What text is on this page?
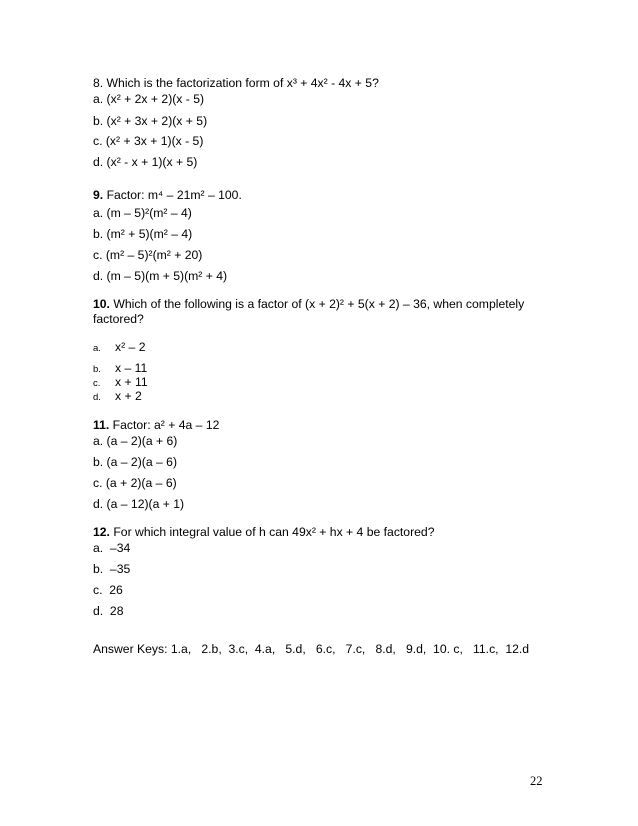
8. Which is the factorization form of x³ + 4x² - 4x + 5?
a. (x² + 2x + 2)(x - 5)
b. (x² + 3x + 2)(x + 5)
c. (x² + 3x + 1)(x - 5)
d. (x² - x + 1)(x + 5)
9. Factor: m⁴ – 21m² – 100.
a. (m – 5)²(m² – 4)
b. (m² + 5)(m² – 4)
c. (m² – 5)²(m² + 20)
d. (m – 5)(m + 5)(m² + 4)
10. Which of the following is a factor of (x + 2)² + 5(x + 2) – 36, when completely factored?
a. x² – 2
b. x – 11
c. x + 11
d. x + 2
11. Factor: a² + 4a – 12
a. (a – 2)(a + 6)
b. (a – 2)(a – 6)
c. (a + 2)(a – 6)
d. (a – 12)(a + 1)
12. For which integral value of h can 49x² + hx + 4 be factored?
a.  –34
b.  –35
c.  26
d.  28
Answer Keys: 1.a,   2.b,  3.c,  4.a,   5.d,   6.c,   7.c,   8.d,   9.d,  10. c,   11.c,  12.d
22
